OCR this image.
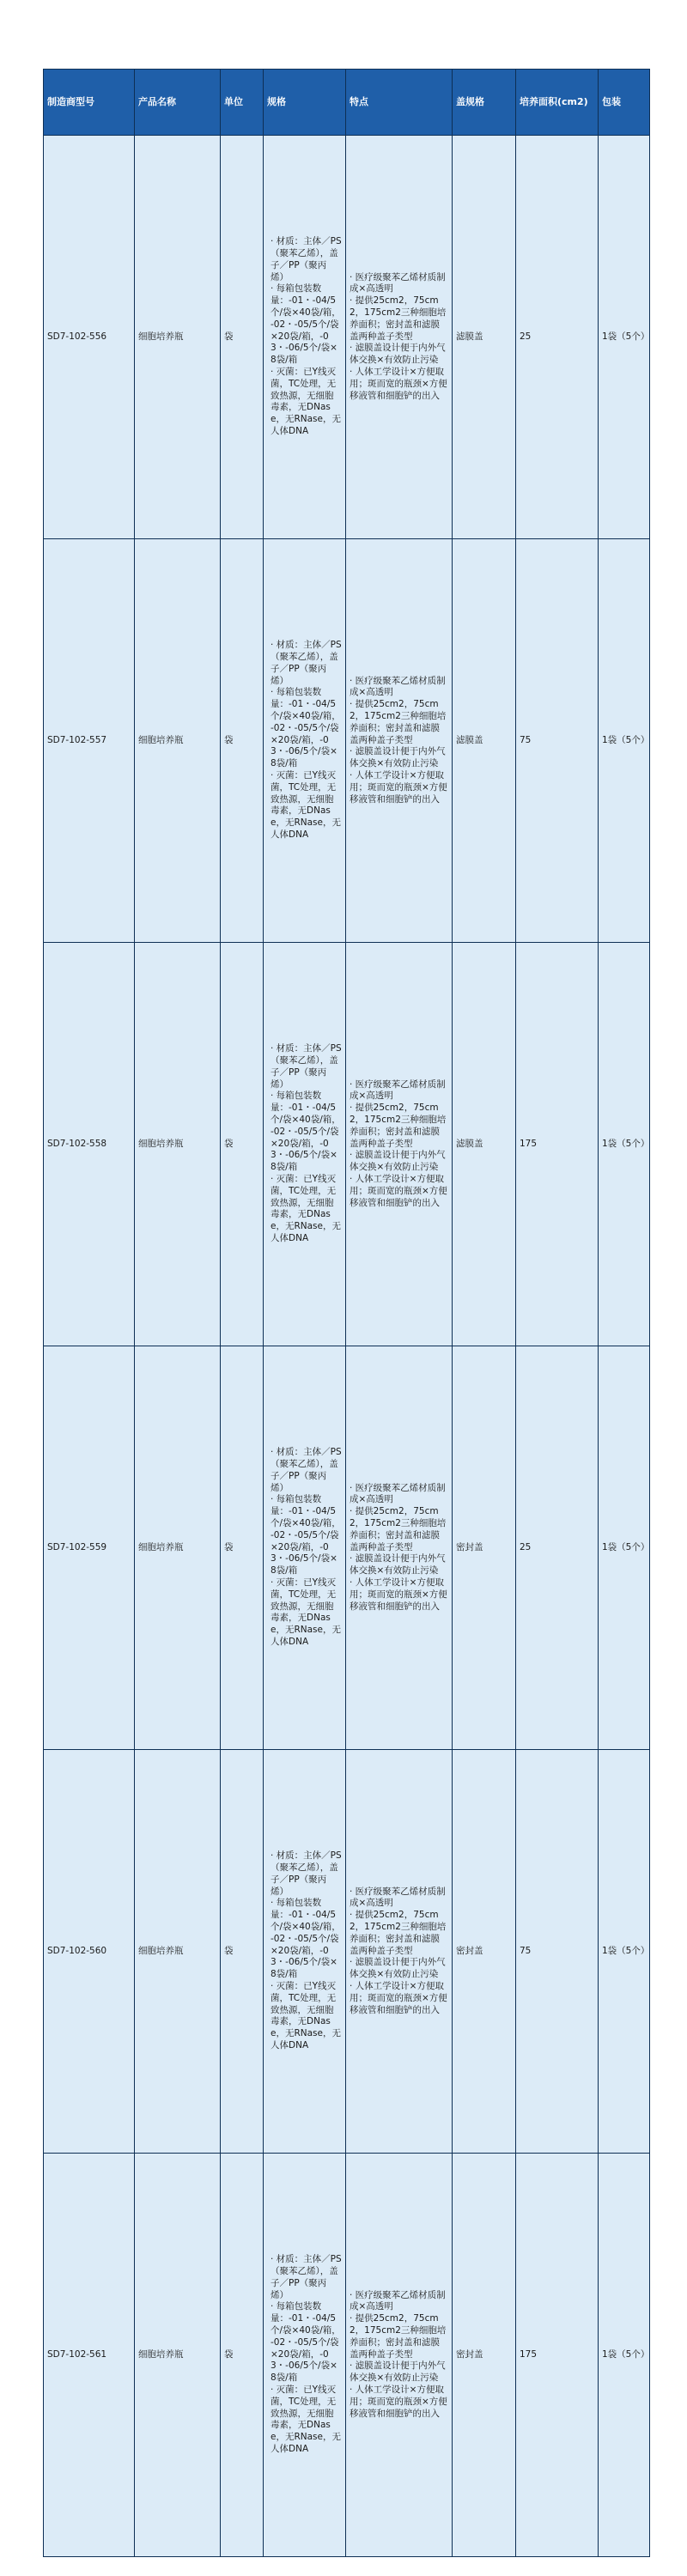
制造商型号	产品名称	单位	规格	特点	盖规格	培养面积(cm2)	包装
SD7-102-556	细胞培养瓶	袋	· 材质：主体／PS（聚苯乙烯），盖子／PP（聚丙烯）
· 每箱包装数量：-01・-04/5个/袋×40袋/箱，-02・-05/5个/袋×20袋/箱，-03・-06/5个/袋×8袋/箱
· 灭菌：已Y线灭菌，TC处理，无致热源，无细胞毒素，无DNase，无RNase，无人体DNA	· 医疗级聚苯乙烯材质制成×高透明
· 提供25cm2，75cm2，175cm2三种细胞培养面积；密封盖和滤膜盖两种盖子类型
· 滤膜盖设计便于内外气体交换×有效防止污染
· 人体工学设计×方便取用；斑而宽的瓶颈×方便移液管和细胞铲的出入	滤膜盖	25	1袋（5个）
SD7-102-557	细胞培养瓶	袋	· 材质：主体／PS（聚苯乙烯），盖子／PP（聚丙烯）
· 每箱包装数量：-01・-04/5个/袋×40袋/箱，-02・-05/5个/袋×20袋/箱，-03・-06/5个/袋×8袋/箱
· 灭菌：已Y线灭菌，TC处理，无致热源，无细胞毒素，无DNase，无RNase，无人体DNA	· 医疗级聚苯乙烯材质制成×高透明
· 提供25cm2，75cm2，175cm2三种细胞培养面积；密封盖和滤膜盖两种盖子类型
· 滤膜盖设计便于内外气体交换×有效防止污染
· 人体工学设计×方便取用；斑而宽的瓶颈×方便移液管和细胞铲的出入	滤膜盖	75	1袋（5个）
SD7-102-558	细胞培养瓶	袋	· 材质：主体／PS（聚苯乙烯），盖子／PP（聚丙烯）
· 每箱包装数量：-01・-04/5个/袋×40袋/箱，-02・-05/5个/袋×20袋/箱，-03・-06/5个/袋×8袋/箱
· 灭菌：已Y线灭菌，TC处理，无致热源，无细胞毒素，无DNase，无RNase，无人体DNA	· 医疗级聚苯乙烯材质制成×高透明
· 提供25cm2，75cm2，175cm2三种细胞培养面积；密封盖和滤膜盖两种盖子类型
· 滤膜盖设计便于内外气体交换×有效防止污染
· 人体工学设计×方便取用；斑而宽的瓶颈×方便移液管和细胞铲的出入	滤膜盖	175	1袋（5个）
SD7-102-559	细胞培养瓶	袋	· 材质：主体／PS（聚苯乙烯），盖子／PP（聚丙烯）
· 每箱包装数量：-01・-04/5个/袋×40袋/箱，-02・-05/5个/袋×20袋/箱，-03・-06/5个/袋×8袋/箱
· 灭菌：已Y线灭菌，TC处理，无致热源，无细胞毒素，无DNase，无RNase，无人体DNA	· 医疗级聚苯乙烯材质制成×高透明
· 提供25cm2，75cm2，175cm2三种细胞培养面积；密封盖和滤膜盖两种盖子类型
· 滤膜盖设计便于内外气体交换×有效防止污染
· 人体工学设计×方便取用；斑而宽的瓶颈×方便移液管和细胞铲的出入	密封盖	25	1袋（5个）
SD7-102-560	细胞培养瓶	袋	· 材质：主体／PS（聚苯乙烯），盖子／PP（聚丙烯）
· 每箱包装数量：-01・-04/5个/袋×40袋/箱，-02・-05/5个/袋×20袋/箱，-03・-06/5个/袋×8袋/箱
· 灭菌：已Y线灭菌，TC处理，无致热源，无细胞毒素，无DNase，无RNase，无人体DNA	· 医疗级聚苯乙烯材质制成×高透明
· 提供25cm2，75cm2，175cm2三种细胞培养面积；密封盖和滤膜盖两种盖子类型
· 滤膜盖设计便于内外气体交换×有效防止污染
· 人体工学设计×方便取用；斑而宽的瓶颈×方便移液管和细胞铲的出入	密封盖	75	1袋（5个）
SD7-102-561	细胞培养瓶	袋	· 材质：主体／PS（聚苯乙烯），盖子／PP（聚丙烯）
· 每箱包装数量：-01・-04/5个/袋×40袋/箱，-02・-05/5个/袋×20袋/箱，-03・-06/5个/袋×8袋/箱
· 灭菌：已Y线灭菌，TC处理，无致热源，无细胞毒素，无DNase，无RNase，无人体DNA	· 医疗级聚苯乙烯材质制成×高透明
· 提供25cm2，75cm2，175cm2三种细胞培养面积；密封盖和滤膜盖两种盖子类型
· 滤膜盖设计便于内外气体交换×有效防止污染
· 人体工学设计×方便取用；斑而宽的瓶颈×方便移液管和细胞铲的出入	密封盖	175	1袋（5个）
